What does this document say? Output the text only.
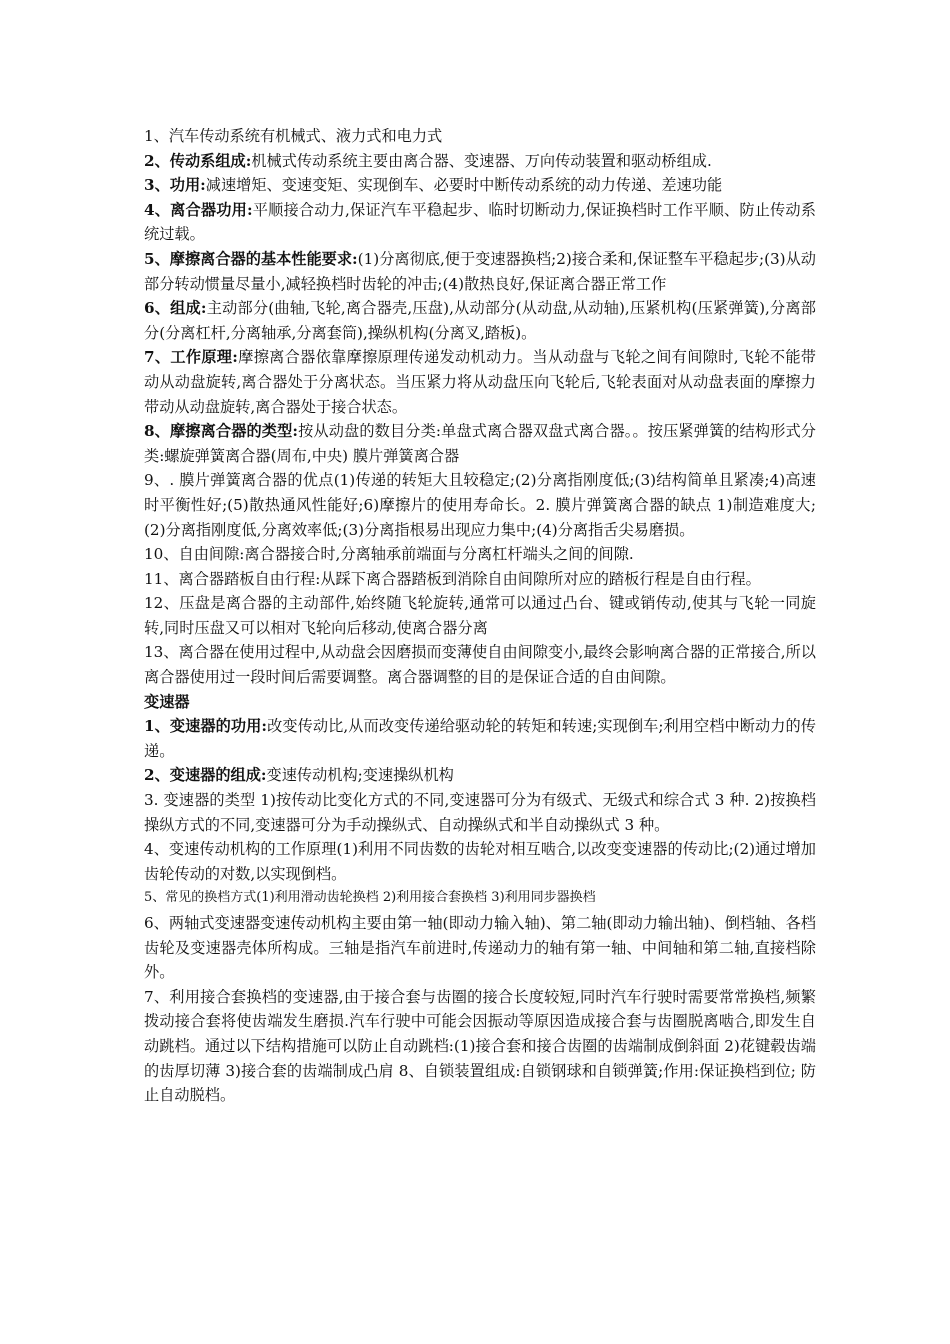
1、汽车传动系统有机械式、液力式和电力式

2、传动系组成:机械式传动系统主要由离合器、变速器、万向传动装置和驱动桥组成.

3、功用:减速增矩、变速变矩、实现倒车、必要时中断传动系统的动力传递、差速功能

4、离合器功用:平顺接合动力,保证汽车平稳起步、临时切断动力,保证换档时工作平顺、防止传动系统过载。

5、摩擦离合器的基本性能要求:(1)分离彻底,便于变速器换档;2)接合柔和,保证整车平稳起步;(3)从动部分转动惯量尽量小,减轻换档时齿轮的冲击;(4)散热良好,保证离合器正常工作

6、组成:主动部分(曲轴,飞轮,离合器壳,压盘),从动部分(从动盘,从动轴),压紧机构(压紧弹簧),分离部分(分离杠杆,分离轴承,分离套筒),操纵机构(分离叉,踏板)。

7、工作原理:摩擦离合器依靠摩擦原理传递发动机动力。当从动盘与飞轮之间有间隙时,飞轮不能带动从动盘旋转,离合器处于分离状态。当压紧力将从动盘压向飞轮后,飞轮表面对从动盘表面的摩擦力带动从动盘旋转,离合器处于接合状态。

8、摩擦离合器的类型:按从动盘的数目分类:单盘式离合器双盘式离合器。。按压紧弹簧的结构形式分类:螺旋弹簧离合器(周布,中央) 膜片弹簧离合器

9、. 膜片弹簧离合器的优点(1)传递的转矩大且较稳定;(2)分离指刚度低;(3)结构简单且紧凑;4)高速时平衡性好;(5)散热通风性能好;6)摩擦片的使用寿命长。2. 膜片弹簧离合器的缺点 1)制造难度大;(2)分离指刚度低,分离效率低;(3)分离指根易出现应力集中;(4)分离指舌尖易磨损。

10、自由间隙:离合器接合时,分离轴承前端面与分离杠杆端头之间的间隙.

11、离合器踏板自由行程:从踩下离合器踏板到消除自由间隙所对应的踏板行程是自由行程。

12、压盘是离合器的主动部件,始终随飞轮旋转,通常可以通过凸台、键或销传动,使其与飞轮一同旋转,同时压盘又可以相对飞轮向后移动,使离合器分离

13、离合器在使用过程中,从动盘会因磨损而变薄使自由间隙变小,最终会影响离合器的正常接合,所以离合器使用过一段时间后需要调整。离合器调整的目的是保证合适的自由间隙。

变速器

1、变速器的功用:改变传动比,从而改变传递给驱动轮的转矩和转速;实现倒车;利用空档中断动力的传递。

2、变速器的组成:变速传动机构;变速操纵机构

3. 变速器的类型 1)按传动比变化方式的不同,变速器可分为有级式、无级式和综合式 3 种. 2)按换档操纵方式的不同,变速器可分为手动操纵式、自动操纵式和半自动操纵式 3 种。

4、变速传动机构的工作原理(1)利用不同齿数的齿轮对相互啮合,以改变变速器的传动比;(2)通过增加齿轮传动的对数,以实现倒档。

5、常见的换档方式(1)利用滑动齿轮换档 2)利用接合套换档 3)利用同步器换档

6、两轴式变速器变速传动机构主要由第一轴(即动力输入轴)、第二轴(即动力输出轴)、倒档轴、各档齿轮及变速器壳体所构成。三轴是指汽车前进时,传递动力的轴有第一轴、中间轴和第二轴,直接档除外。

7、利用接合套换档的变速器,由于接合套与齿圈的接合长度较短,同时汽车行驶时需要常常换档,频繁拨动接合套将使齿端发生磨损.汽车行驶中可能会因振动等原因造成接合套与齿圈脱离啮合,即发生自动跳档。通过以下结构措施可以防止自动跳档:(1)接合套和接合齿圈的齿端制成倒斜面 2)花键毂齿端的齿厚切薄 3)接合套的齿端制成凸肩 8、自锁装置组成:自锁钢球和自锁弹簧;作用:保证换档到位; 防止自动脱档。
